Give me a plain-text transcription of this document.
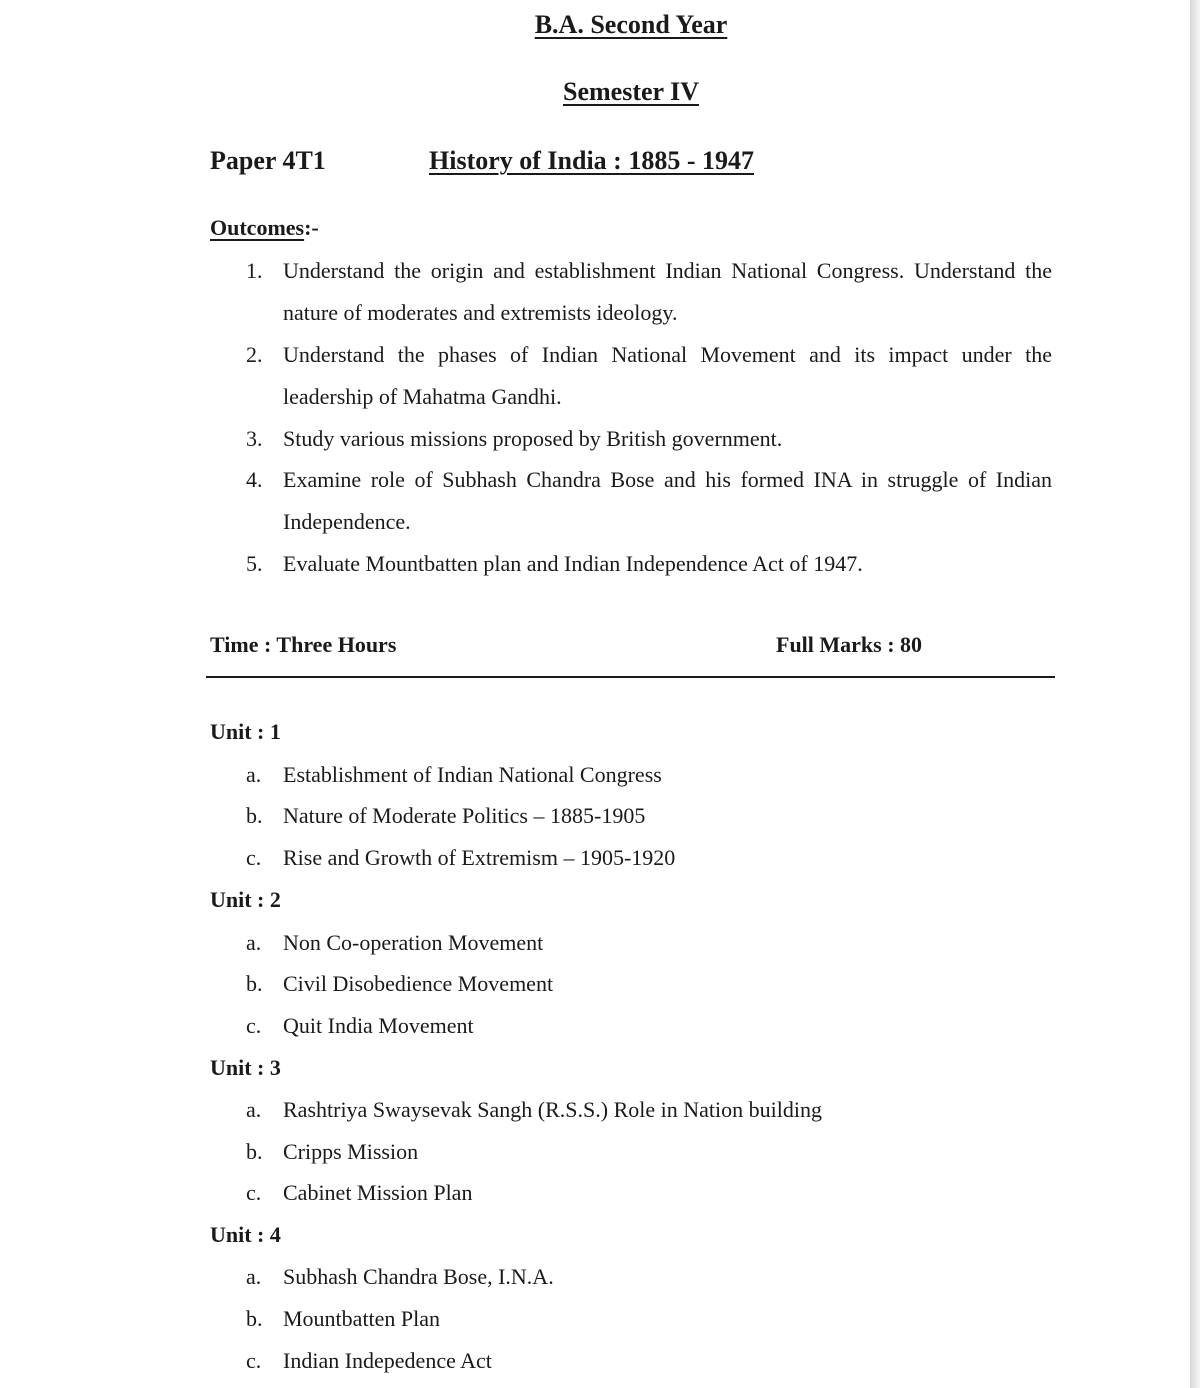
B.A. Second Year
Semester IV
Paper 4T1	History of India : 1885 - 1947
Outcomes:-
1. Understand the origin and establishment Indian National Congress. Understand the nature of moderates and extremists ideology.
2. Understand the phases of Indian National Movement and its impact under the leadership of Mahatma Gandhi.
3. Study various missions proposed by British government.
4. Examine role of Subhash Chandra Bose and his formed INA in struggle of Indian Independence.
5. Evaluate Mountbatten plan and Indian Independence Act of 1947.
Time : Three Hours	Full Marks : 80
Unit : 1
a. Establishment of Indian National Congress
b. Nature of Moderate Politics – 1885-1905
c. Rise and Growth of Extremism – 1905-1920
Unit : 2
a. Non Co-operation Movement
b. Civil Disobedience Movement
c. Quit India Movement
Unit : 3
a. Rashtriya Swaysevak Sangh (R.S.S.) Role in Nation building
b. Cripps Mission
c. Cabinet Mission Plan
Unit : 4
a. Subhash Chandra Bose, I.N.A.
b. Mountbatten Plan
c. Indian Indepedence Act
